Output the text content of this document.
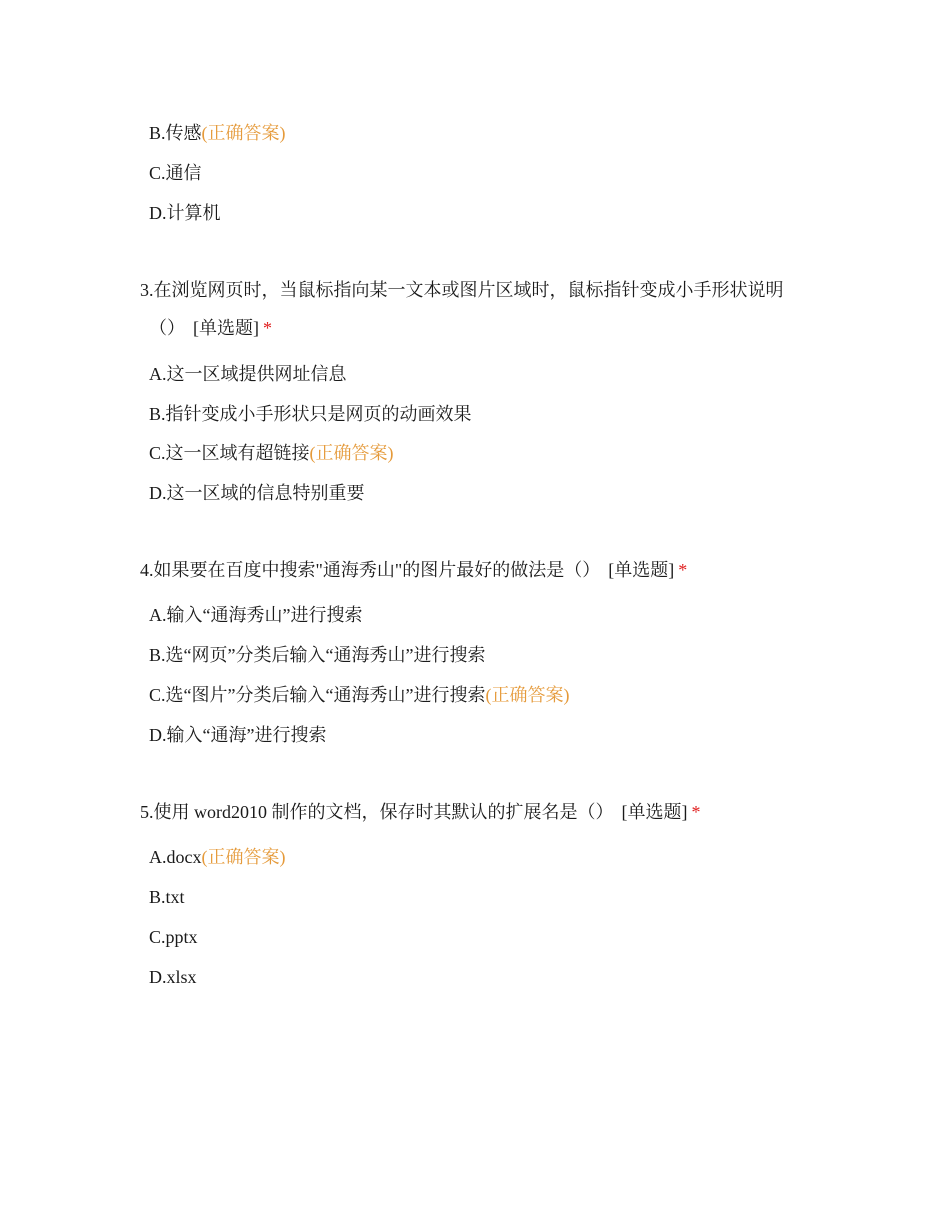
B.传感(正确答案)
C.通信
D.计算机
3.在浏览网页时，当鼠标指向某一文本或图片区域时，鼠标指针变成小手形状说明
（） [单选题] *
A.这一区域提供网址信息
B.指针变成小手形状只是网页的动画效果
C.这一区域有超链接(正确答案)
D.这一区域的信息特别重要
4.如果要在百度中搜索"通海秀山"的图片最好的做法是（） [单选题] *
A.输入“通海秀山”进行搜索
B.选“网页”分类后输入“通海秀山”进行搜索
C.选“图片”分类后输入“通海秀山”进行搜索(正确答案)
D.输入“通海”进行搜索
5.使用 word2010 制作的文档，保存时其默认的扩展名是（） [单选题] *
A.docx(正确答案)
B.txt
C.pptx
D.xlsx
